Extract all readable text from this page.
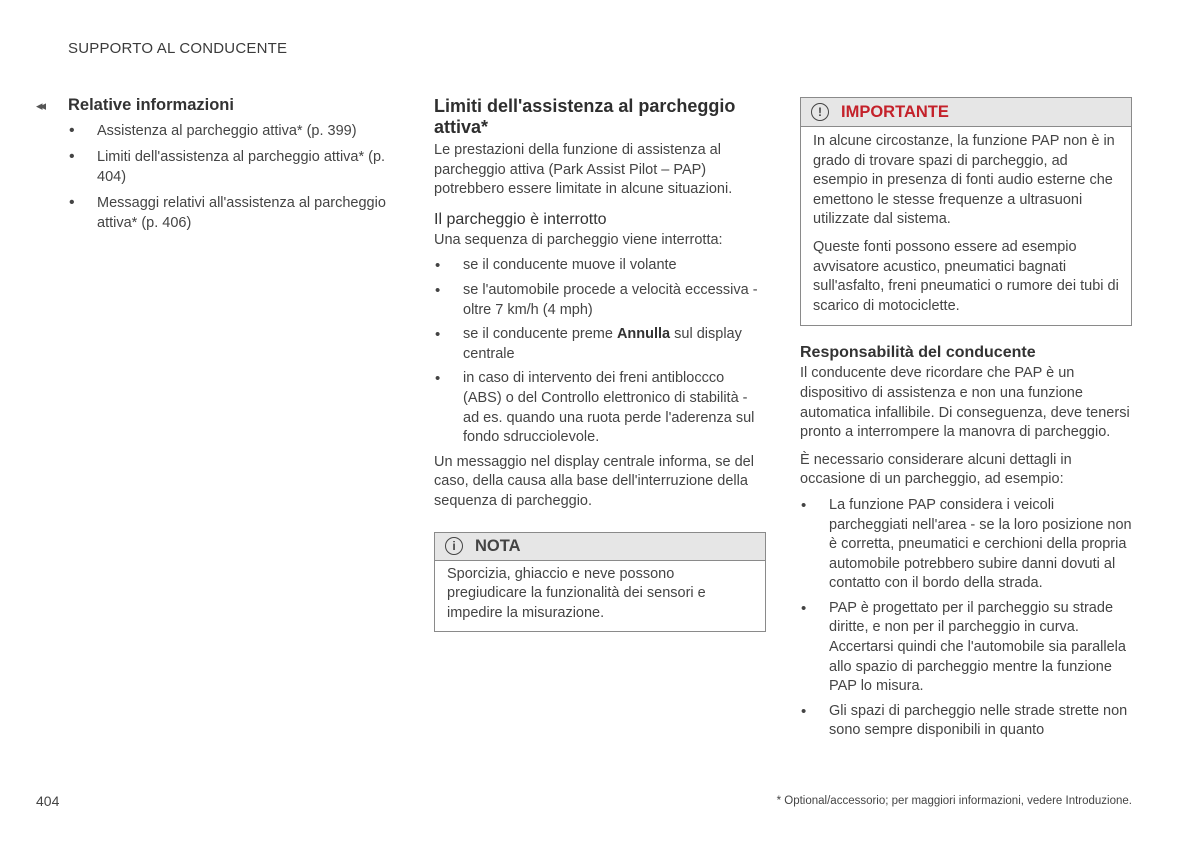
SUPPORTO AL CONDUCENTE
◂◂	Relative informazioni
• Assistenza al parcheggio attiva* (p. 399)
• Limiti dell'assistenza al parcheggio attiva* (p. 404)
• Messaggi relativi all'assistenza al parcheggio attiva* (p. 406)
Limiti dell'assistenza al parcheggio attiva*

Le prestazioni della funzione di assistenza al parcheggio attiva (Park Assist Pilot – PAP) potrebbero essere limitate in alcune situazioni.

Il parcheggio è interrotto

Una sequenza di parcheggio viene interrotta:

• se il conducente muove il volante
• se l'automobile procede a velocità eccessiva - oltre 7 km/h (4 mph)
• se il conducente preme Annulla sul display centrale
• in caso di intervento dei freni antibloccco (ABS) o del Controllo elettronico di stabilità - ad es. quando una ruota perde l'aderenza sul fondo sdrucciolevole.

Un messaggio nel display centrale informa, se del caso, della causa alla base dell'interruzione della sequenza di parcheggio.

i	NOTA

Sporcizia, ghiaccio e neve possono pregiudicare la funzionalità dei sensori e impedire la misurazione.

!	IMPORTANTE

In alcune circostanze, la funzione PAP non è in grado di trovare spazi di parcheggio, ad esempio in presenza di fonti audio esterne che emettono le stesse frequenze a ultrasuoni utilizzate dal sistema.

Queste fonti possono essere ad esempio avvisatore acustico, pneumatici bagnati sull'asfalto, freni pneumatici o rumore dei tubi di scarico di motociclette.

Responsabilità del conducente

Il conducente deve ricordare che PAP è un dispositivo di assistenza e non una funzione automatica infallibile. Di conseguenza, deve tenersi pronto a interrompere la manovra di parcheggio.

È necessario considerare alcuni dettagli in occasione di un parcheggio, ad esempio:

• La funzione PAP considera i veicoli parcheggiati nell'area - se la loro posizione non è corretta, pneumatici e cerchioni della propria automobile potrebbero subire danni dovuti al contatto con il bordo della strada.
• PAP è progettato per il parcheggio su strade diritte, e non per il parcheggio in curva. Accertarsi quindi che l'automobile sia parallela allo spazio di parcheggio mentre la funzione PAP lo misura.
• Gli spazi di parcheggio nelle strade strette non sono sempre disponibili in quanto
404	* Optional/accessorio; per maggiori informazioni, vedere Introduzione.
